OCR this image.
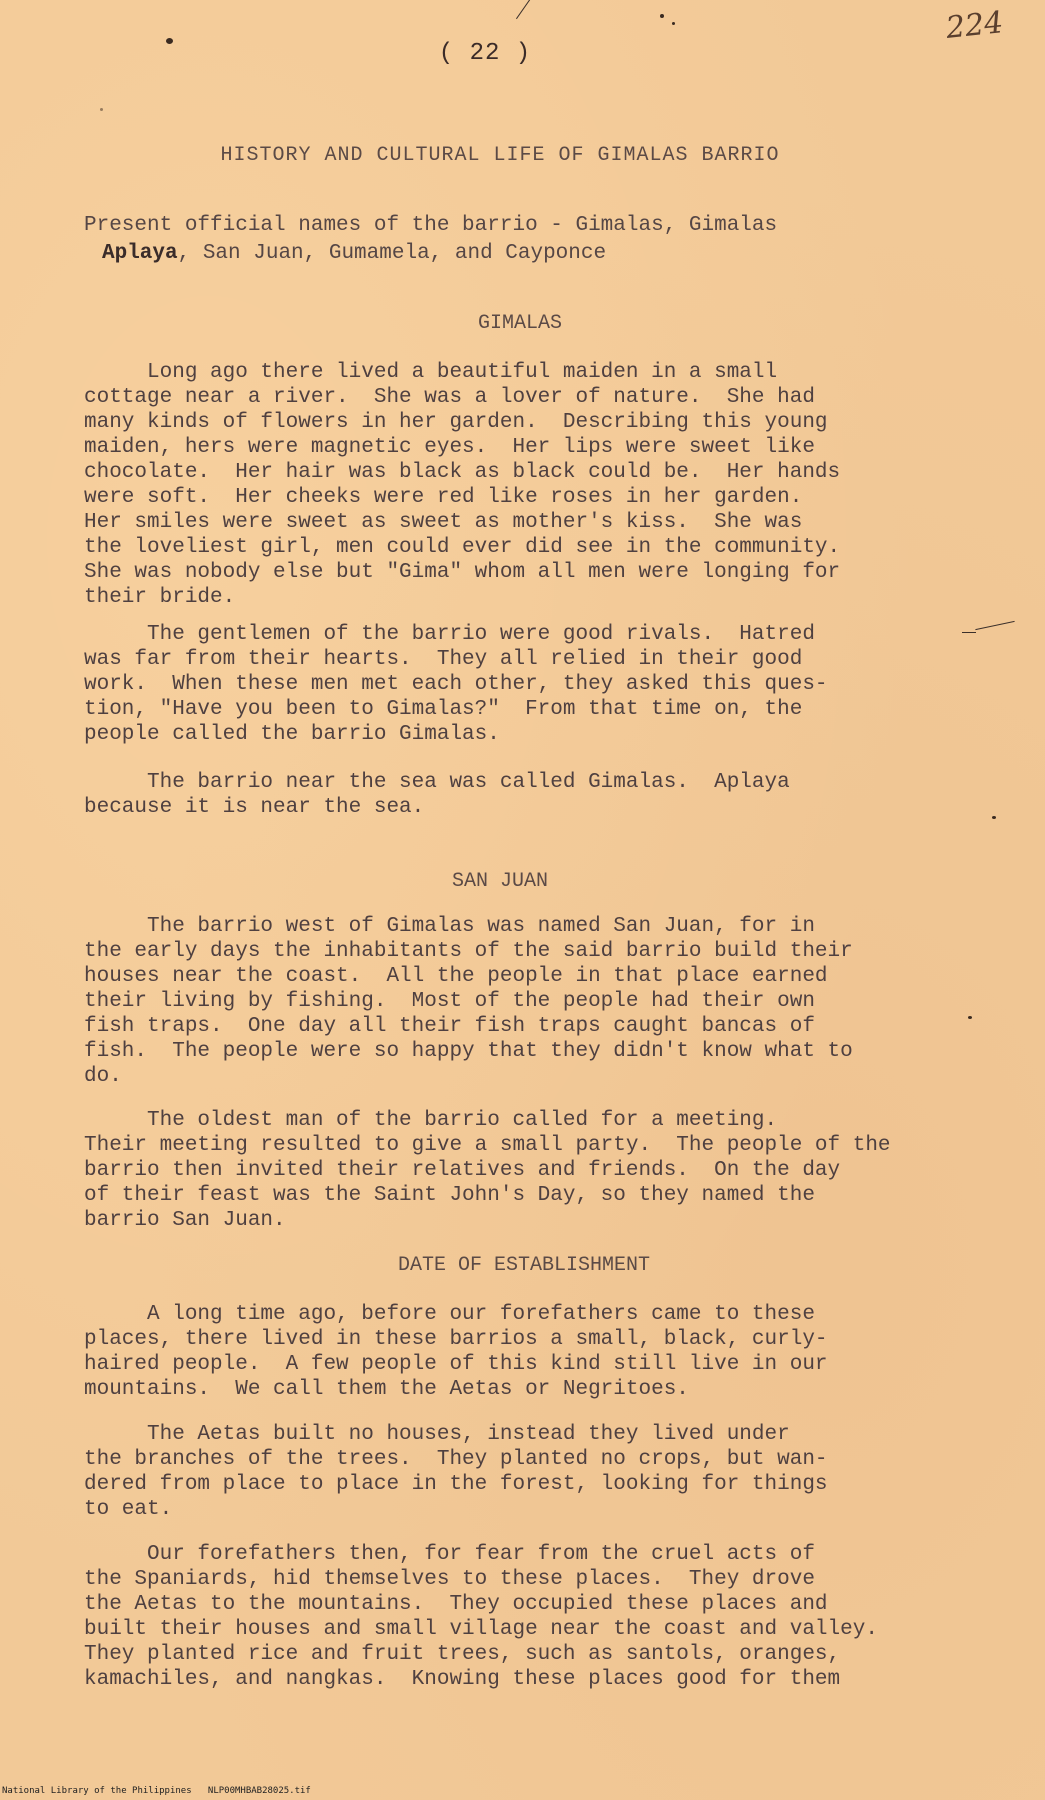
( 22 )
224
HISTORY AND CULTURAL LIFE OF GIMALAS BARRIO
Present official names of the barrio - Gimalas, Gimalas
Aplaya, San Juan, Gumamela, and Cayponce
GIMALAS
Long ago there lived a beautiful maiden in a small
cottage near a river.  She was a lover of nature.  She had
many kinds of flowers in her garden.  Describing this young
maiden, hers were magnetic eyes.  Her lips were sweet like
chocolate.  Her hair was black as black could be.  Her hands
were soft.  Her cheeks were red like roses in her garden.
Her smiles were sweet as sweet as mother's kiss.  She was
the loveliest girl, men could ever did see in the community.
She was nobody else but "Gima" whom all men were longing for
their bride.
The gentlemen of the barrio were good rivals.  Hatred
was far from their hearts.  They all relied in their good
work.  When these men met each other, they asked this ques-
tion, "Have you been to Gimalas?"  From that time on, the
people called the barrio Gimalas.
The barrio near the sea was called Gimalas.  Aplaya
because it is near the sea.
SAN JUAN
The barrio west of Gimalas was named San Juan, for in
the early days the inhabitants of the said barrio build their
houses near the coast.  All the people in that place earned
their living by fishing.  Most of the people had their own
fish traps.  One day all their fish traps caught bancas of
fish.  The people were so happy that they didn't know what to
do.
The oldest man of the barrio called for a meeting.
Their meeting resulted to give a small party.  The people of the
barrio then invited their relatives and friends.  On the day
of their feast was the Saint John's Day, so they named the
barrio San Juan.
DATE OF ESTABLISHMENT
A long time ago, before our forefathers came to these
places, there lived in these barrios a small, black, curly-
haired people.  A few people of this kind still live in our
mountains.  We call them the Aetas or Negritoes.
The Aetas built no houses, instead they lived under
the branches of the trees.  They planted no crops, but wan-
dered from place to place in the forest, looking for things
to eat.
Our forefathers then, for fear from the cruel acts of
the Spaniards, hid themselves to these places.  They drove
the Aetas to the mountains.  They occupied these places and
built their houses and small village near the coast and valley.
They planted rice and fruit trees, such as santols, oranges,
kamachiles, and nangkas.  Knowing these places good for them
National Library of the Philippines   NLP00MHBAB28025.tif
